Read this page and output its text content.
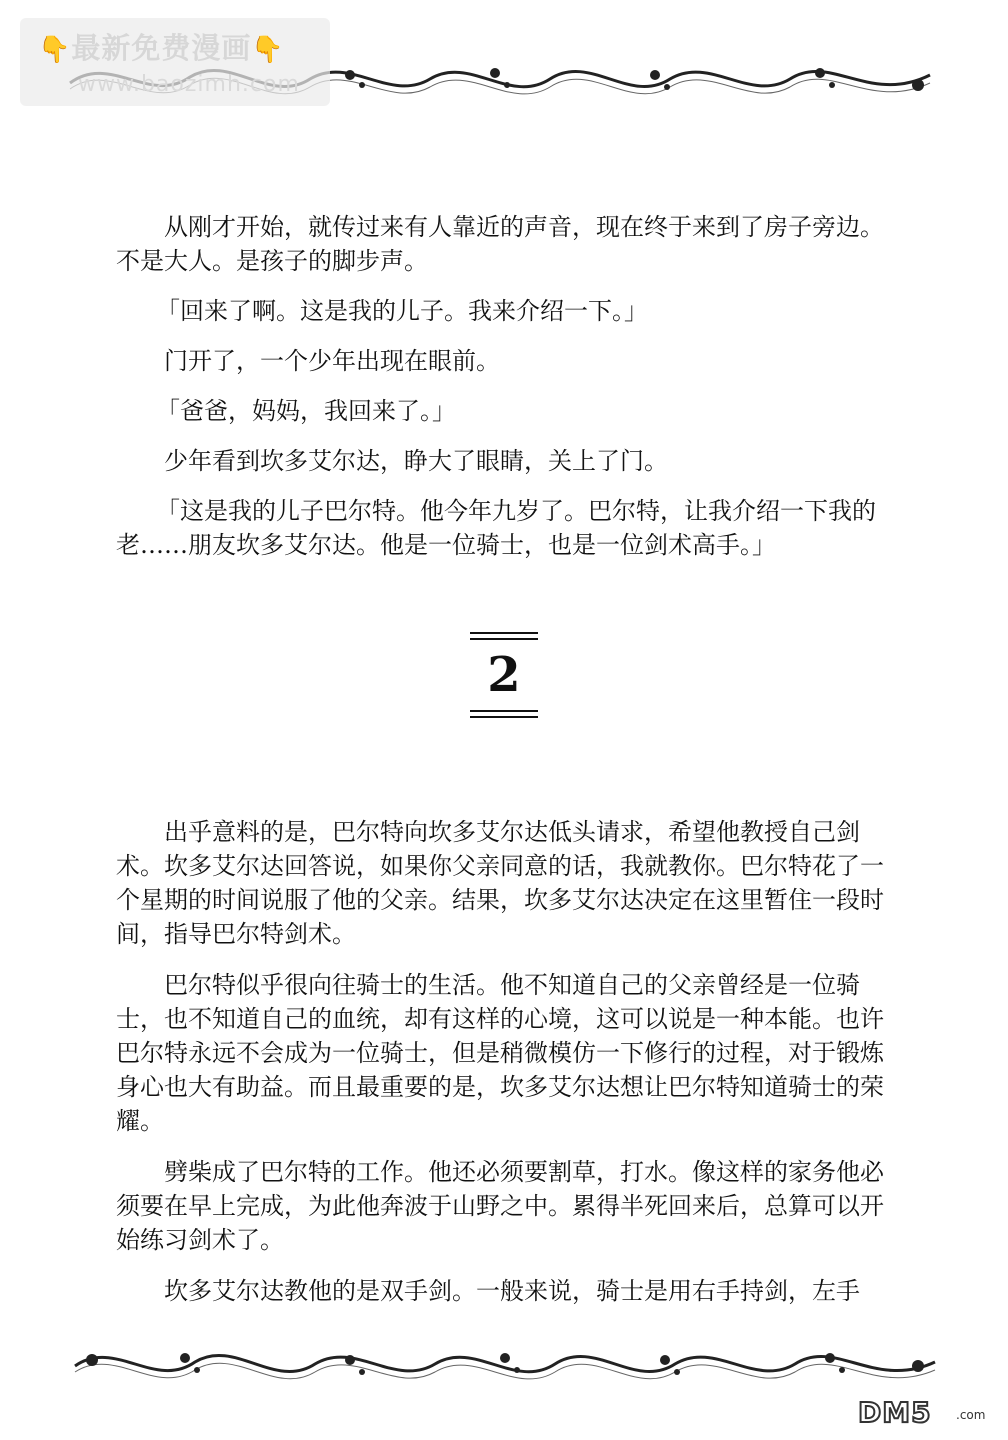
👇最新免费漫画👇
www.baozimh.com

从刚才开始，就传过来有人靠近的声音，现在终于来到了房子旁边。不是大人。是孩子的脚步声。

「回来了啊。这是我的儿子。我来介绍一下。」

门开了，一个少年出现在眼前。

「爸爸，妈妈，我回来了。」

少年看到坎多艾尔达，睁大了眼睛，关上了门。

「这是我的儿子巴尔特。他今年九岁了。巴尔特，让我介绍一下我的老……朋友坎多艾尔达。他是一位骑士，也是一位剑术高手。」

2

出乎意料的是，巴尔特向坎多艾尔达低头请求，希望他教授自己剑术。坎多艾尔达回答说，如果你父亲同意的话，我就教你。巴尔特花了一个星期的时间说服了他的父亲。结果，坎多艾尔达决定在这里暂住一段时间，指导巴尔特剑术。

巴尔特似乎很向往骑士的生活。他不知道自己的父亲曾经是一位骑士，也不知道自己的血统，却有这样的心境，这可以说是一种本能。也许巴尔特永远不会成为一位骑士，但是稍微模仿一下修行的过程，对于锻炼身心也大有助益。而且最重要的是，坎多艾尔达想让巴尔特知道骑士的荣耀。

劈柴成了巴尔特的工作。他还必须要割草，打水。像这样的家务他必须要在早上完成，为此他奔波于山野之中。累得半死回来后，总算可以开始练习剑术了。

坎多艾尔达教他的是双手剑。一般来说，骑士是用右手持剑，左手

DM5 .com
